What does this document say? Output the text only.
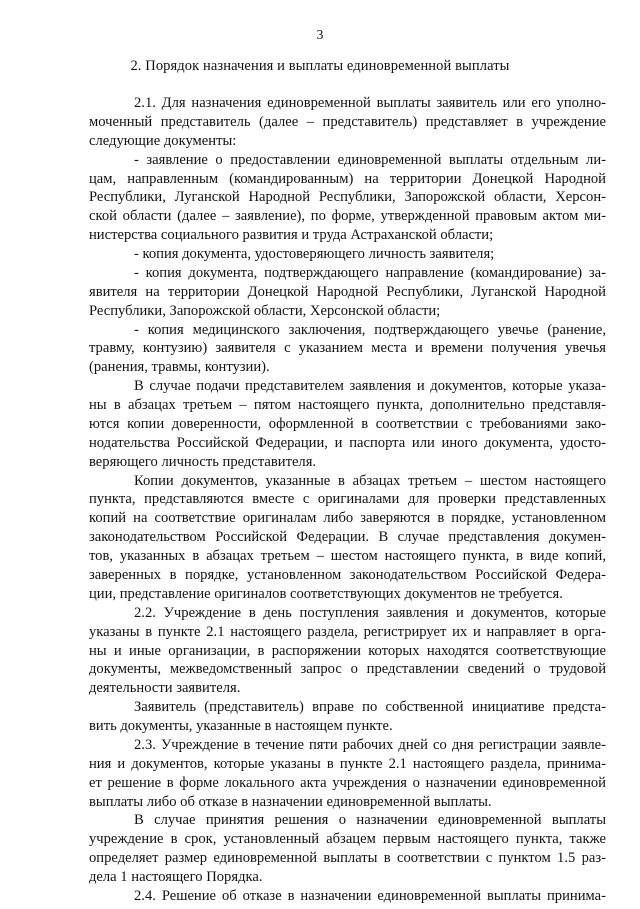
3
2. Порядок назначения и выплаты единовременной выплаты
2.1. Для назначения единовременной выплаты заявитель или его уполно-
моченный представитель (далее – представитель) представляет в учреждение
следующие документы:
- заявление о предоставлении единовременной выплаты отдельным ли-
цам, направленным (командированным) на территории Донецкой Народной
Республики, Луганской Народной Республики, Запорожской области, Херсон-
ской области (далее – заявление), по форме, утвержденной правовым актом ми-
нистерства социального развития и труда Астраханской области;
- копия документа, удостоверяющего личность заявителя;
- копия документа, подтверждающего направление (командирование) за-
явителя на территории Донецкой Народной Республики, Луганской Народной
Республики, Запорожской области, Херсонской области;
- копия медицинского заключения, подтверждающего увечье (ранение,
травму, контузию) заявителя с указанием места и времени получения увечья
(ранения, травмы, контузии).
В случае подачи представителем заявления и документов, которые указа-
ны в абзацах третьем – пятом настоящего пункта, дополнительно представля-
ются копии доверенности, оформленной в соответствии с требованиями зако-
нодательства Российской Федерации, и паспорта или иного документа, удосто-
веряющего личность представителя.
Копии документов, указанные в абзацах третьем – шестом настоящего
пункта, представляются вместе с оригиналами для проверки представленных
копий на соответствие оригиналам либо заверяются в порядке, установленном
законодательством Российской Федерации. В случае представления докумен-
тов, указанных в абзацах третьем – шестом настоящего пункта, в виде копий,
заверенных в порядке, установленном законодательством Российской Федера-
ции, представление оригиналов соответствующих документов не требуется.
2.2. Учреждение в день поступления заявления и документов, которые
указаны в пункте 2.1 настоящего раздела, регистрирует их и направляет в орга-
ны и иные организации, в распоряжении которых находятся соответствующие
документы, межведомственный запрос о представлении сведений о трудовой
деятельности заявителя.
Заявитель (представитель) вправе по собственной инициативе предста-
вить документы, указанные в настоящем пункте.
2.3. Учреждение в течение пяти рабочих дней со дня регистрации заявле-
ния и документов, которые указаны в пункте 2.1 настоящего раздела, принима-
ет решение в форме локального акта учреждения о назначении единовременной
выплаты либо об отказе в назначении единовременной выплаты.
В случае принятия решения о назначении единовременной выплаты
учреждение в срок, установленный абзацем первым настоящего пункта, также
определяет размер единовременной выплаты в соответствии с пунктом 1.5 раз-
дела 1 настоящего Порядка.
2.4. Решение об отказе в назначении единовременной выплаты принима-
